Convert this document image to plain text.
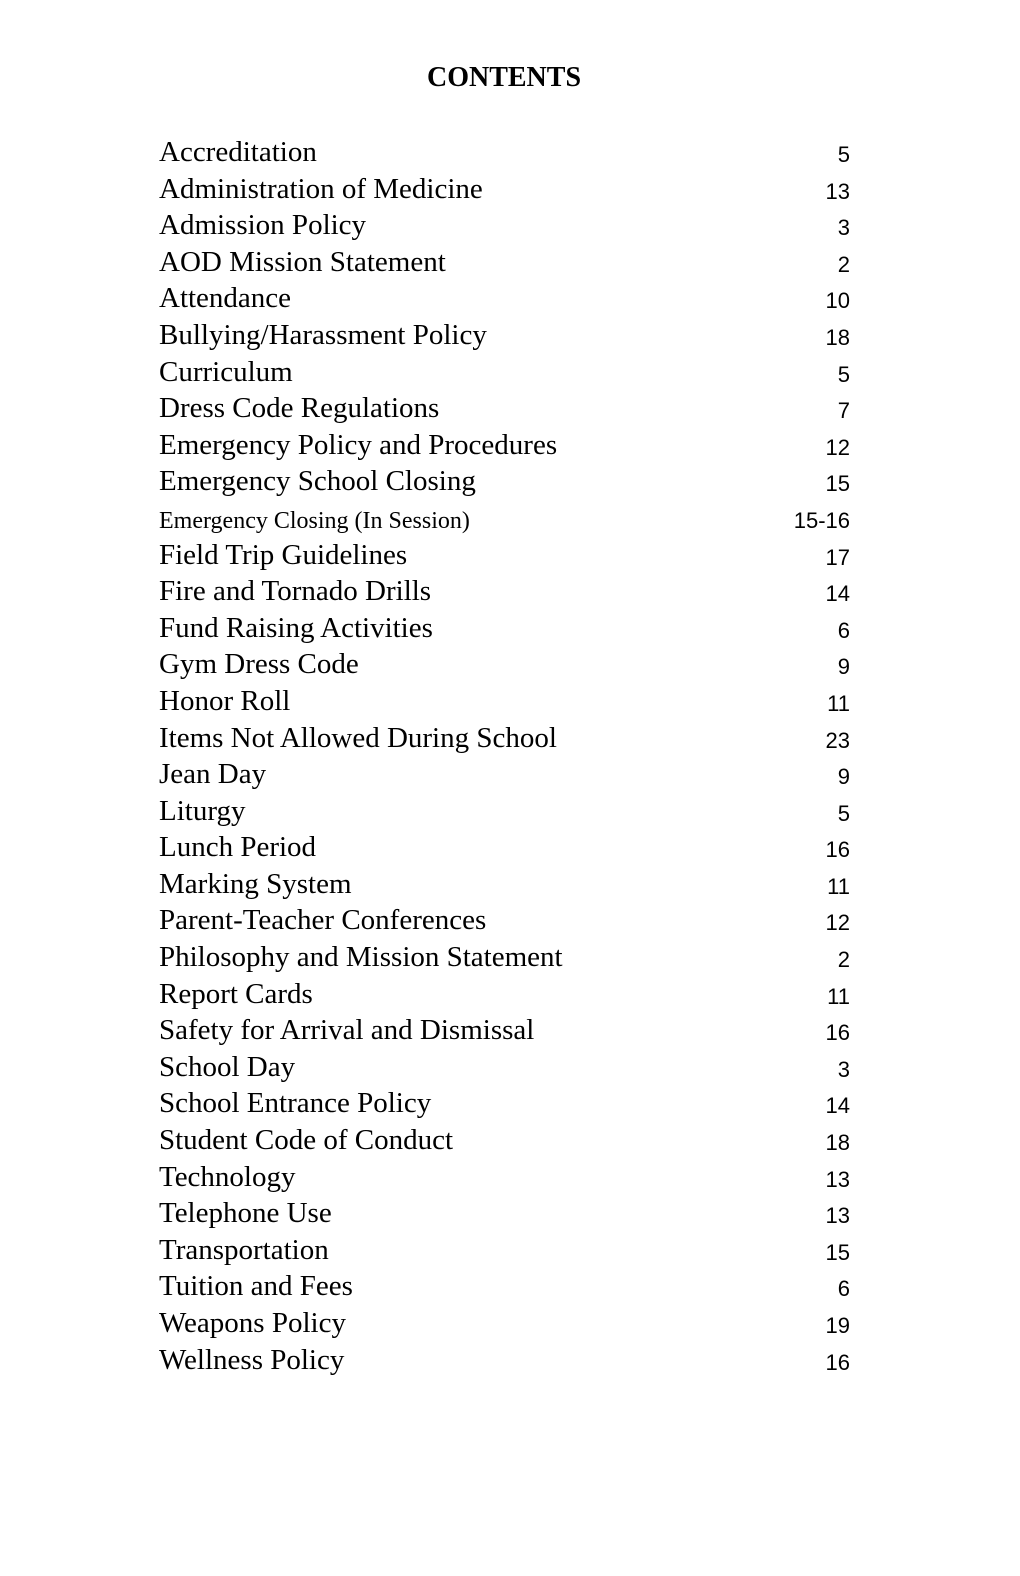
CONTENTS
Accreditation	5
Administration of Medicine	13
Admission Policy	3
AOD Mission Statement	2
Attendance	10
Bullying/Harassment Policy	18
Curriculum	5
Dress Code Regulations	7
Emergency Policy and Procedures	12
Emergency School Closing	15
Emergency Closing (In Session)	15-16
Field Trip Guidelines	17
Fire and Tornado Drills	14
Fund Raising Activities	6
Gym Dress Code	9
Honor Roll	11
Items Not Allowed During School	23
Jean Day	9
Liturgy	5
Lunch Period	16
Marking System	11
Parent-Teacher Conferences	12
Philosophy and Mission Statement	2
Report Cards	11
Safety for Arrival and Dismissal	16
School Day	3
School Entrance Policy	14
Student Code of Conduct	18
Technology	13
Telephone Use	13
Transportation	15
Tuition and Fees	6
Weapons Policy	19
Wellness Policy	16
